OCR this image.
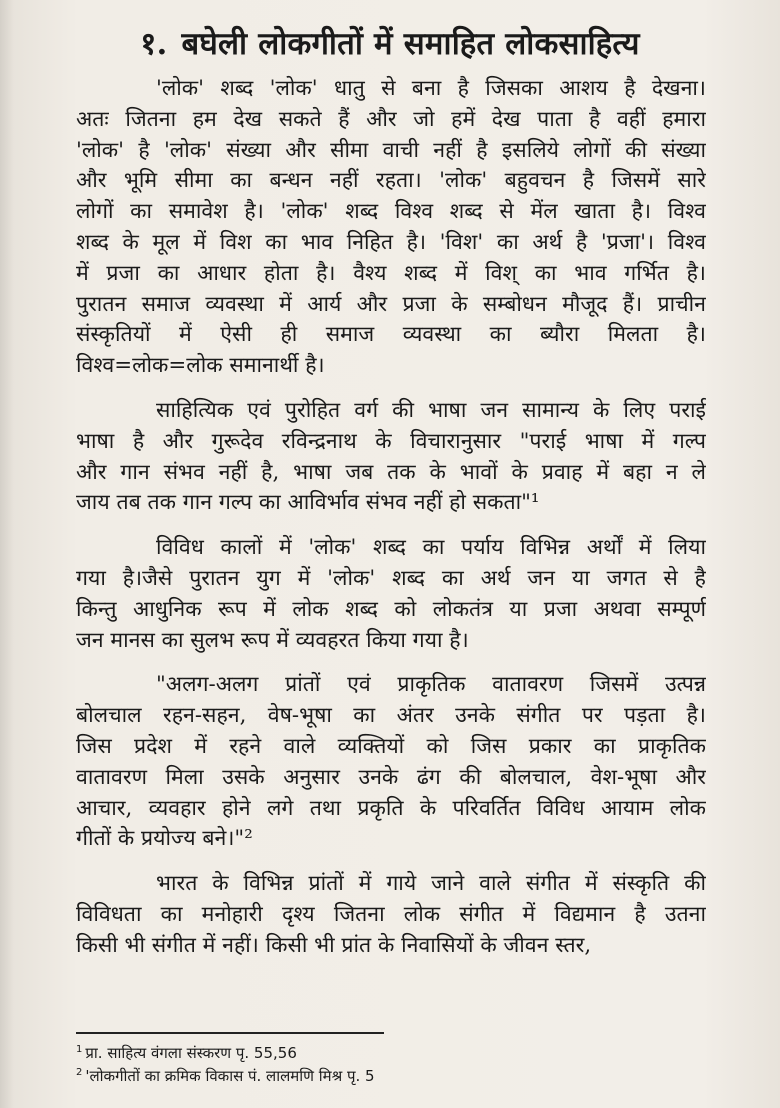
१. बघेली लोकगीतों में समाहित लोकसाहित्य
'लोक' शब्द 'लोक' धातु से बना है जिसका आशय है देखना।
अतः जितना हम देख सकते हैं और जो हमें देख पाता है वहीं हमारा
'लोक' है 'लोक' संख्या और सीमा वाची नहीं है इसलिये लोगों की संख्या
और भूमि सीमा का बन्धन नहीं रहता। 'लोक' बहुवचन है जिसमें सारे
लोगों का समावेश है। 'लोक' शब्द विश्व शब्द से मेंल खाता है। विश्व
शब्द के मूल में विश का भाव निहित है। 'विश' का अर्थ है 'प्रजा'। विश्व
में प्रजा का आधार होता है। वैश्य शब्द में विश् का भाव गर्भित है।
पुरातन समाज व्यवस्था में आर्य और प्रजा के सम्बोधन मौजूद हैं। प्राचीन
संस्कृतियों में ऐसी ही समाज व्यवस्था का ब्यौरा मिलता है।
विश्व=लोक=लोक समानार्थी है।
साहित्यिक एवं पुरोहित वर्ग की भाषा जन सामान्य के लिए पराई
भाषा है और गुरूदेव रविन्द्रनाथ के विचारानुसार "पराई भाषा में गल्प
और गान संभव नहीं है, भाषा जब तक के भावों के प्रवाह में बहा न ले
जाय तब तक गान गल्प का आविर्भाव संभव नहीं हो सकता"¹
विविध कालों में 'लोक' शब्द का पर्याय विभिन्न अर्थों में लिया
गया है।जैसे पुरातन युग में 'लोक' शब्द का अर्थ जन या जगत से है
किन्तु आधुनिक रूप में लोक शब्द को लोकतंत्र या प्रजा अथवा सम्पूर्ण
जन मानस का सुलभ रूप में व्यवहरत किया गया है।
"अलग-अलग प्रांतों एवं प्राकृतिक वातावरण जिसमें उत्पन्न
बोलचाल रहन-सहन, वेष-भूषा का अंतर उनके संगीत पर पड़ता है।
जिस प्रदेश में रहने वाले व्यक्तियों को जिस प्रकार का प्राकृतिक
वातावरण मिला उसके अनुसार उनके ढंग की बोलचाल, वेश-भूषा और
आचार, व्यवहार होने लगे तथा प्रकृति के परिवर्तित विविध आयाम लोक
गीतों के प्रयोज्य बने।"²
भारत के विभिन्न प्रांतों में गाये जाने वाले संगीत में संस्कृति की
विविधता का मनोहारी दृश्य जितना लोक संगीत में विद्यमान है उतना
किसी भी संगीत में नहीं। किसी भी प्रांत के निवासियों के जीवन स्तर,
$^1$ प्रा. साहित्य वंगला संस्करण पृ. 55,56
$^2$ 'लोकगीतों का क्रमिक विकास पं. लालमणि मिश्र पृ. 5
